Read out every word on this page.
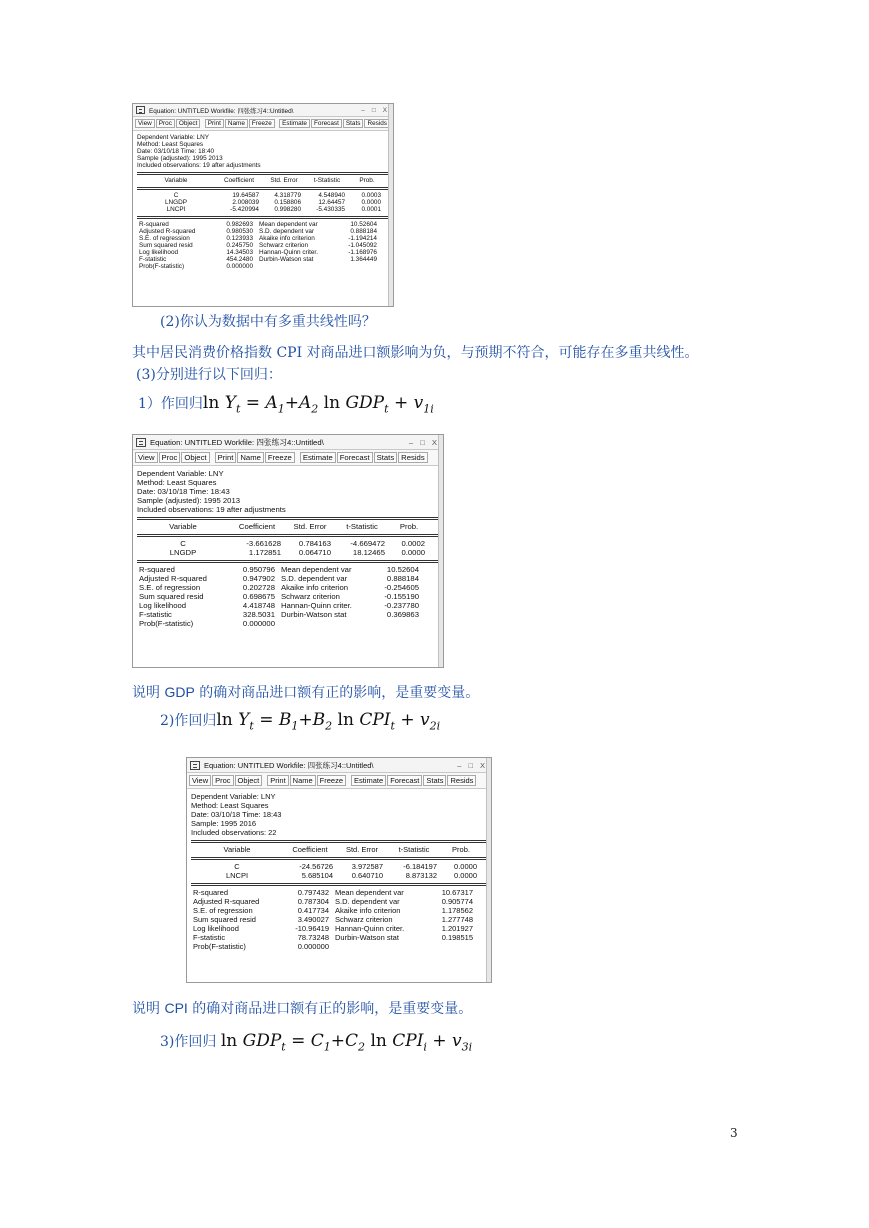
Equation: UNTITLED Workfile: 四张练习4::Untitled\	– □ X
View	Proc	Object	Print	Name	Freeze	Estimate	Forecast	Stats	Resids
Dependent Variable: LNY
Method: Least Squares
Date: 03/10/18 Time: 18:40
Sample (adjusted): 1995 2013
Included observations: 19 after adjustments
Variable	Coefficient	Std. Error	t-Statistic	Prob.
C	19.64587	4.318779	4.548940	0.0003
LNGDP	2.008039	0.158806	12.64457	0.0000
LNCPI	-5.420994	0.998280	-5.430335	0.0001
R-squared	0.982693 Mean dependent var	10.52604
Adjusted R-squared	0.980530 S.D. dependent var	0.888184
S.E. of regression	0.123933 Akaike info criterion	-1.194214
Sum squared resid	0.245750 Schwarz criterion	-1.045092
Log likelihood	14.34503 Hannan-Quinn criter.	-1.168976
F-statistic	454.2480 Durbin-Watson stat	1.364449
Prob(F-statistic)	0.000000
(2)你认为数据中有多重共线性吗？
其中居民消费价格指数 CPI 对商品进口额影响为负，与预期不符合，可能存在多重共线性。
(3)分别进行以下回归：
1）作回归$\ln Y_t = A_1+A_2$ $\ln GDP_t + v_{1i}$
Equation: UNTITLED Workfile: 四张练习4::Untitled\	– □ X
View Proc Object	Print Name Freeze	Estimate Forecast Stats Resids
Dependent Variable: LNY
Method: Least Squares
Date: 03/10/18 Time: 18:43
Sample (adjusted): 1995 2013
Included observations: 19 after adjustments
Variable	Coefficient	Std. Error	t-Statistic	Prob.
C	-3.661628	0.784163	-4.669472	0.0002
LNGDP	1.172851	0.064710	18.12465	0.0000
R-squared	0.950796 Mean dependent var	10.52604
Adjusted R-squared	0.947902 S.D. dependent var	0.888184
S.E. of regression	0.202728 Akaike info criterion	-0.254605
Sum squared resid	0.698675 Schwarz criterion	-0.155190
Log likelihood	4.418748 Hannan-Quinn criter.	-0.237780
F-statistic	328.5031 Durbin-Watson stat	0.369863
Prob(F-statistic)	0.000000
说明 GDP 的确对商品进口额有正的影响，是重要变量。
2)作回归$\ln Y_t = B_1+B_2$ $\ln CPI_t + v_{2i}$
Equation: UNTITLED Workfile: 四张练习4::Untitled\	– □ X
View Proc Object	Print Name Freeze	Estimate Forecast Stats Resids
Dependent Variable: LNY
Method: Least Squares
Date: 03/10/18 Time: 18:43
Sample: 1995 2016
Included observations: 22
Variable	Coefficient	Std. Error	t-Statistic	Prob.
C	-24.56726	3.972587	-6.184197	0.0000
LNCPI	5.685104	0.640710	8.873132	0.0000
R-squared	0.797432 Mean dependent var	10.67317
Adjusted R-squared	0.787304 S.D. dependent var	0.905774
S.E. of regression	0.417734 Akaike info criterion	1.178562
Sum squared resid	3.490027 Schwarz criterion	1.277748
Log likelihood	-10.96419 Hannan-Quinn criter.	1.201927
F-statistic	78.73248 Durbin-Watson stat	0.198515
Prob(F-statistic)	0.000000
说明 CPI 的确对商品进口额有正的影响，是重要变量。
3)作回归 $\ln GDP_t = C_1+C_2$ $\ln CPI_i + v_{3i}$
3
